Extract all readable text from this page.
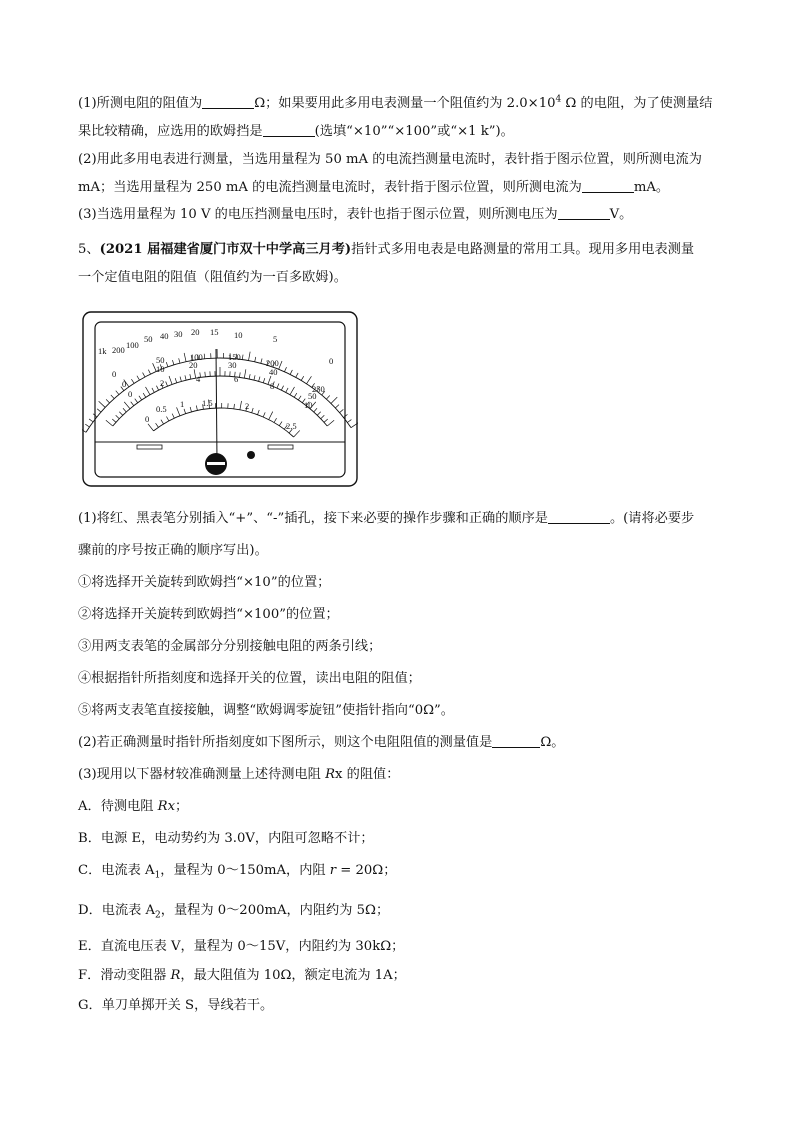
(1)所测电阻的阻值为	Ω；如果要用此多用电表测量一个阻值约为 $2.0\times 10^4$ Ω 的电阻，为了使测量结
果比较精确，应选用的欧姆挡是	(选填“×10”“×100”或“×1 k”)。
(2)用此多用电表进行测量，当选用量程为 50 mA 的电流挡测量电流时，表针指于图示位置，则所测电流为
mA；当选用量程为 250 mA 的电流挡测量电流时，表针指于图示位置，则所测电流为	mA。
(3)当选用量程为 10 V 的电压挡测量电压时，表针也指于图示位置，则所测电压为	V。
5、(2021 届福建省厦门市双十中学高三月考)指针式多用电表是电路测量的常用工具。现用多用电表测量
一个定值电阻的阻值（阻值约为一百多欧姆)。
1k 200 100
50 40 30 20 15 10	5
0
0
50	100	150
200
250
0
10	20	30
40
50
0
2	4	6
8
10
0
0.5 1 1.5	2
2.5
(1)将红、黑表笔分别插入“+”、“-”插孔，接下来必要的操作步骤和正确的顺序是	。(请将必要步
骤前的序号按正确的顺序写出)。
①将选择开关旋转到欧姆挡“×10”的位置；
②将选择开关旋转到欧姆挡“×100”的位置；
③用两支表笔的金属部分分别接触电阻的两条引线；
④根据指针所指刻度和选择开关的位置，读出电阻的阻值；
⑤将两支表笔直接接触，调整“欧姆调零旋钮”使指针指向“0Ω”。
(2)若正确测量时指针所指刻度如下图所示，则这个电阻阻值的测量值是	Ω。
(3)现用以下器材较准确测量上述待测电阻 Rx 的阻值：
A．待测电阻 Rx；
B．电源 E，电动势约为 3.0V，内阻可忽略不计；
C．电流表 $A_1$，量程为 0～150mA，内阻 r = 20Ω；
D．电流表 $A_2$，量程为 0～200mA，内阻约为 5Ω；
E．直流电压表 V，量程为 0～15V，内阻约为 30kΩ；
F．滑动变阻器 R，最大阻值为 10Ω，额定电流为 1A；
G．单刀单掷开关 S，导线若干。
